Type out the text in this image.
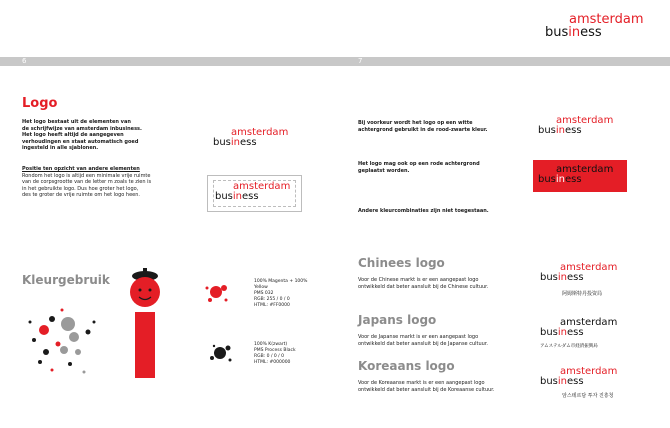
6	7
amsterdam
business
Logo
Het logo bestaat uit de elementen van
de schrijfwijze van amsterdam inbusiness.
Het logo heeft altijd de aangegeven
verhoudingen en staat automatisch goed
ingesteld in alle sjablonen.
Positie ten opzicht van andere elementen
Rondom het logo is altijd een minimale vrije ruimte
van de corpsgrootte van de letter m zoals te zien is
in het gebruikte logo. Dus hoe groter het logo,
des te groter de vrije ruimte om het logo heen.
amsterdam
business
amsterdam
business
Kleurgebruik	100% Magenta + 100%
Yellow
PMS 032
RGB: 255 / 0 / 0
HTML: #FF0000
100% K(zwart)
PMS Process Black
RGB: 0 / 0 / 0
HTML: #000000
Bij voorkeur wordt het logo op een witte
achtergrond gebruikt in de rood-zwarte kleur.
Het logo mag ook op een rode achtergrond
geplaatst worden.
Andere kleurcombinaties zijn niet toegestaan.
amsterdam
business
amsterdam
business
Chinees logo
Voor de Chinese markt is er een aangepast logo
ontwikkeld dat beter aansluit bij de Chinese cultuur.
amsterdam
business
阿姆斯特丹投资局
Japans logo
Voor de Japanse markt is er een aangepast logo
ontwikkeld dat beter aansluit bij de Japanse cultuur.
amsterdam
business
アムステルダム市経済振興局
Koreaans logo
Voor de Koreaanse markt is er een aangepast logo
ontwikkeld dat beter aansluit bij de Koreaanse cultuur.
amsterdam
business
암스테르담 투자 진흥청
